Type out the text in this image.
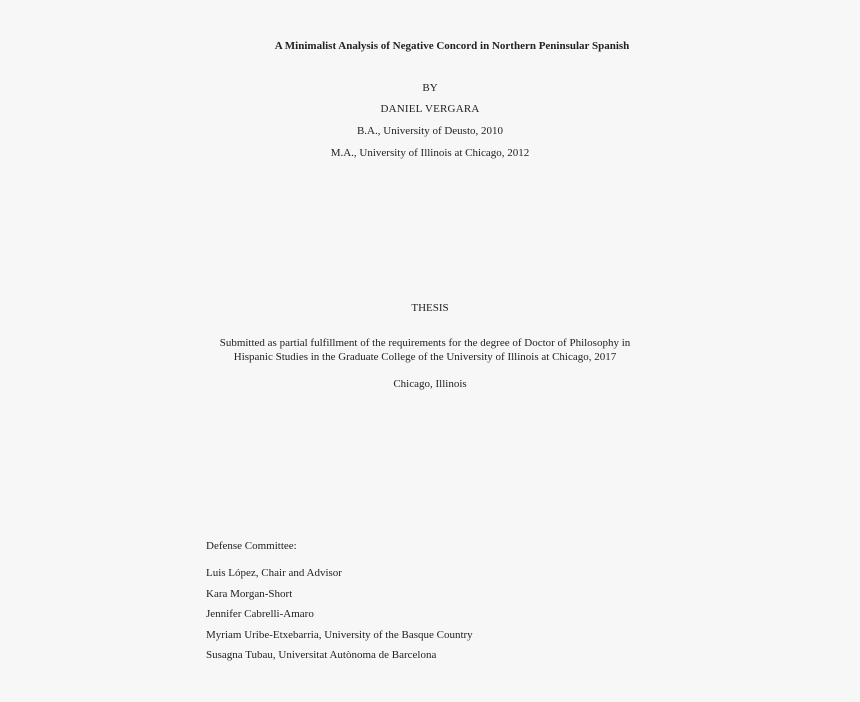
A Minimalist Analysis of Negative Concord in Northern Peninsular Spanish
BY
DANIEL VERGARA
B.A., University of Deusto, 2010
M.A., University of Illinois at Chicago, 2012
THESIS
Submitted as partial fulfillment of the requirements for the degree of Doctor of Philosophy in
Hispanic Studies in the Graduate College of the University of Illinois at Chicago, 2017
Chicago, Illinois
Defense Committee:
Luis López, Chair and Advisor
Kara Morgan-Short
Jennifer Cabrelli-Amaro
Myriam Uribe-Etxebarria, University of the Basque Country
Susagna Tubau, Universitat Autònoma de Barcelona
